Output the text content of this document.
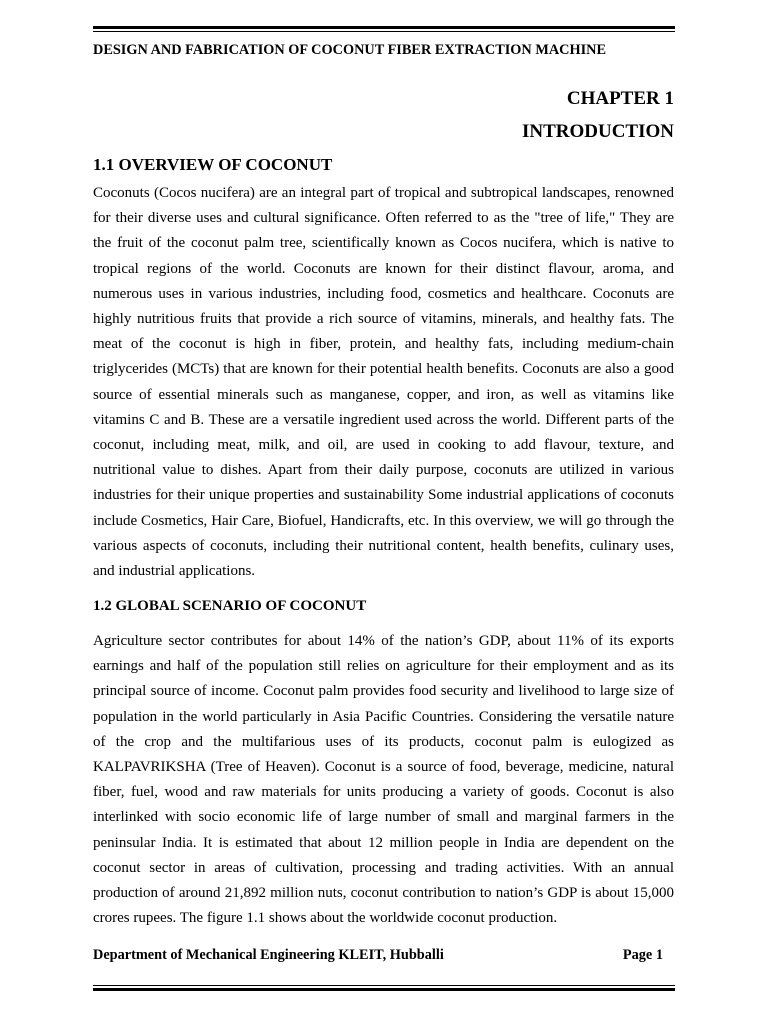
DESIGN AND FABRICATION OF COCONUT FIBER EXTRACTION MACHINE
CHAPTER 1
INTRODUCTION
1.1 OVERVIEW OF COCONUT
Coconuts (Cocos nucifera) are an integral part of tropical and subtropical landscapes, renowned for their diverse uses and cultural significance. Often referred to as the "tree of life," They are the fruit of the coconut palm tree, scientifically known as Cocos nucifera, which is native to tropical regions of the world. Coconuts are known for their distinct flavour, aroma, and numerous uses in various industries, including food, cosmetics and healthcare. Coconuts are highly nutritious fruits that provide a rich source of vitamins, minerals, and healthy fats. The meat of the coconut is high in fiber, protein, and healthy fats, including medium-chain triglycerides (MCTs) that are known for their potential health benefits. Coconuts are also a good source of essential minerals such as manganese, copper, and iron, as well as vitamins like vitamins C and B. These are a versatile ingredient used across the world. Different parts of the coconut, including meat, milk, and oil, are used in cooking to add flavour, texture, and nutritional value to dishes. Apart from their daily purpose, coconuts are utilized in various industries for their unique properties and sustainability Some industrial applications of coconuts include Cosmetics, Hair Care, Biofuel, Handicrafts, etc. In this overview, we will go through the various aspects of coconuts, including their nutritional content, health benefits, culinary uses, and industrial applications.
1.2 GLOBAL SCENARIO OF COCONUT
Agriculture sector contributes for about 14% of the nation’s GDP, about 11% of its exports earnings and half of the population still relies on agriculture for their employment and as its principal source of income. Coconut palm provides food security and livelihood to large size of population in the world particularly in Asia Pacific Countries. Considering the versatile nature of the crop and the multifarious uses of its products, coconut palm is eulogized as KALPAVRIKSHA (Tree of Heaven). Coconut is a source of food, beverage, medicine, natural fiber, fuel, wood and raw materials for units producing a variety of goods. Coconut is also interlinked with socio economic life of large number of small and marginal farmers in the peninsular India. It is estimated that about 12 million people in India are dependent on the coconut sector in areas of cultivation, processing and trading activities. With an annual production of around 21,892 million nuts, coconut contribution to nation’s GDP is about 15,000 crores rupees. The figure 1.1 shows about the worldwide coconut production.
Department of Mechanical Engineering KLEIT, Hubballi	Page 1
